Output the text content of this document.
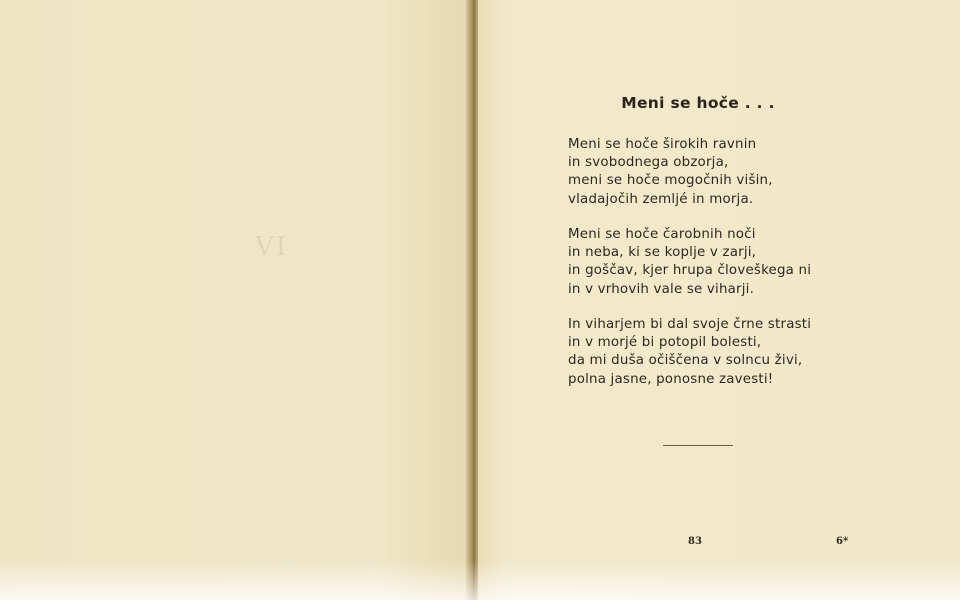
VI
Meni se hoče . . .
Meni se hoče širokih ravnin
in svobodnega obzorja,
meni se hoče mogočnih višin,
vladajočih zemljé in morja.
Meni se hoče čarobnih noči
in neba, ki se koplje v zarji,
in goščav, kjer hrupa človeškega ni
in v vrhovih vale se viharji.
In viharjem bi dal svoje črne strasti
in v morjé bi potopil bolesti,
da mi duša očiščena v solncu živi,
polna jasne, ponosne zavesti!
83	6*
